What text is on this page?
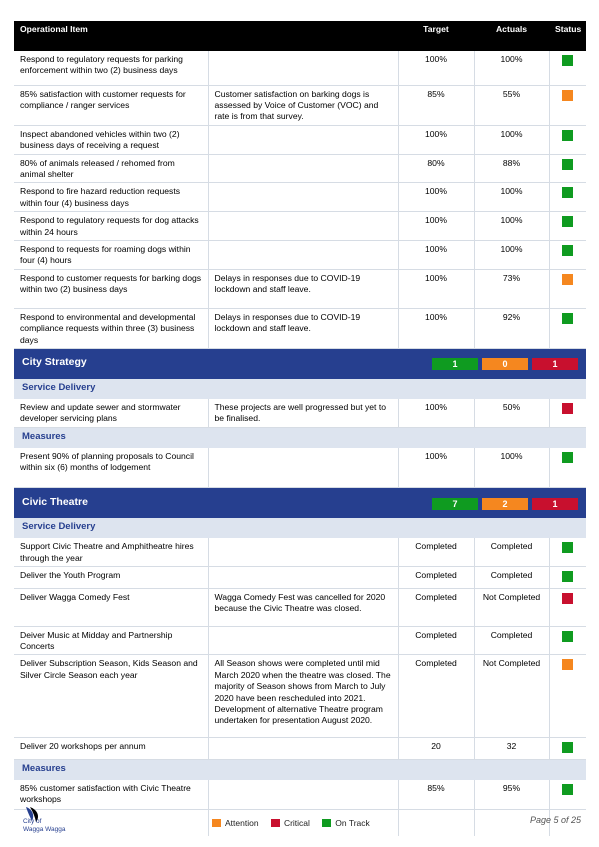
Operational Item		Target	Actuals	Status
Respond to regulatory requests for parking enforcement within two (2) business days		100%	100%	
85% satisfaction with customer requests for compliance / ranger services	Customer satisfaction on barking dogs is assessed by Voice of Customer (VOC) and rate is from that survey.	85%	55%	
Inspect abandoned vehicles within two (2) business days of receiving a request		100%	100%	
80% of animals released / rehomed from animal shelter		80%	88%	
Respond to fire hazard reduction requests within four (4) business days		100%	100%	
Respond to regulatory requests for dog attacks within 24 hours		100%	100%	
Respond to requests for roaming dogs within four (4) hours		100%	100%	
Respond to customer requests for barking dogs within two (2) business days	Delays in responses due to COVID-19 lockdown and staff leave.	100%	73%	
Respond to environmental and developmental compliance requests within three (3) business days	Delays in responses due to COVID-19 lockdown and staff leave.	100%	92%	
City Strategy 1 0 1				

Service Delivery				
Review and update sewer and stormwater developer servicing plans	These projects are well progressed but yet to be finalised.	100%	50%	
Measures				
Present 90% of planning proposals to Council within six (6) months of lodgement		100%	100%	
Civic Theatre 7 2 1				

Service Delivery				
Support Civic Theatre and Amphitheatre hires through the year		Completed	Completed	
Deliver the Youth Program		Completed	Completed	
Deliver Wagga Comedy Fest	Wagga Comedy Fest was cancelled for 2020 because the Civic Theatre was closed.	Completed	Not Completed	
Deiver Music at Midday and Partnership Concerts		Completed	Completed	
Deliver Subscription Season, Kids Season and Silver Circle Season each year	All Season shows were completed until mid March 2020 when the theatre was closed. The majority of Season shows from March to July 2020 have been rescheduled into 2021. Development of alternative Theatre program undertaken for presentation August 2020.	Completed	Not Completed	
Deliver 20 workshops per annum		20	32	
Measures				
85% customer satisfaction with Civic Theatre workshops		85%	95%	

City of
Wagga Wagga
Attention	Critical	On Track	Page 5 of 25
